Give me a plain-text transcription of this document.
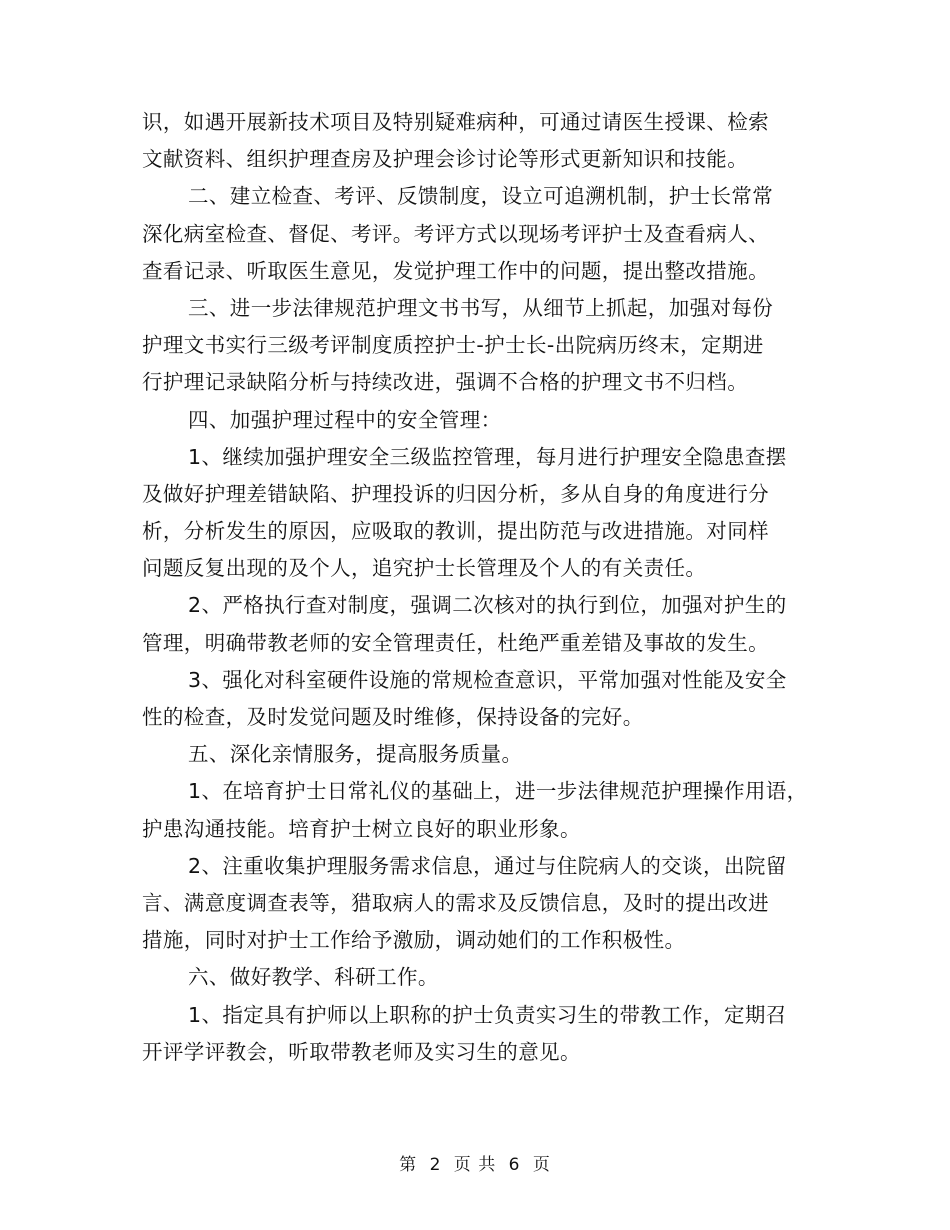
识，如遇开展新技术项目及特别疑难病种，可通过请医生授课、检索
文献资料、组织护理查房及护理会诊讨论等形式更新知识和技能。
二、建立检查、考评、反馈制度，设立可追溯机制，护士长常常
深化病室检查、督促、考评。考评方式以现场考评护士及查看病人、
查看记录、听取医生意见，发觉护理工作中的问题，提出整改措施。
三、进一步法律规范护理文书书写，从细节上抓起，加强对每份
护理文书实行三级考评制度质控护士-护士长-出院病历终末，定期进
行护理记录缺陷分析与持续改进，强调不合格的护理文书不归档。
四、加强护理过程中的安全管理：
1、继续加强护理安全三级监控管理，每月进行护理安全隐患查摆
及做好护理差错缺陷、护理投诉的归因分析，多从自身的角度进行分
析，分析发生的原因，应吸取的教训，提出防范与改进措施。对同样
问题反复出现的及个人，追究护士长管理及个人的有关责任。
2、严格执行查对制度，强调二次核对的执行到位，加强对护生的
管理，明确带教老师的安全管理责任，杜绝严重差错及事故的发生。
3、强化对科室硬件设施的常规检查意识，平常加强对性能及安全
性的检查，及时发觉问题及时维修，保持设备的完好。
五、深化亲情服务，提高服务质量。
1、在培育护士日常礼仪的基础上，进一步法律规范护理操作用语，
护患沟通技能。培育护士树立良好的职业形象。
2、注重收集护理服务需求信息，通过与住院病人的交谈，出院留
言、满意度调查表等，猎取病人的需求及反馈信息，及时的提出改进
措施，同时对护士工作给予激励，调动她们的工作积极性。
六、做好教学、科研工作。
1、指定具有护师以上职称的护士负责实习生的带教工作，定期召
开评学评教会，听取带教老师及实习生的意见。
第 2 页 共 6 页
